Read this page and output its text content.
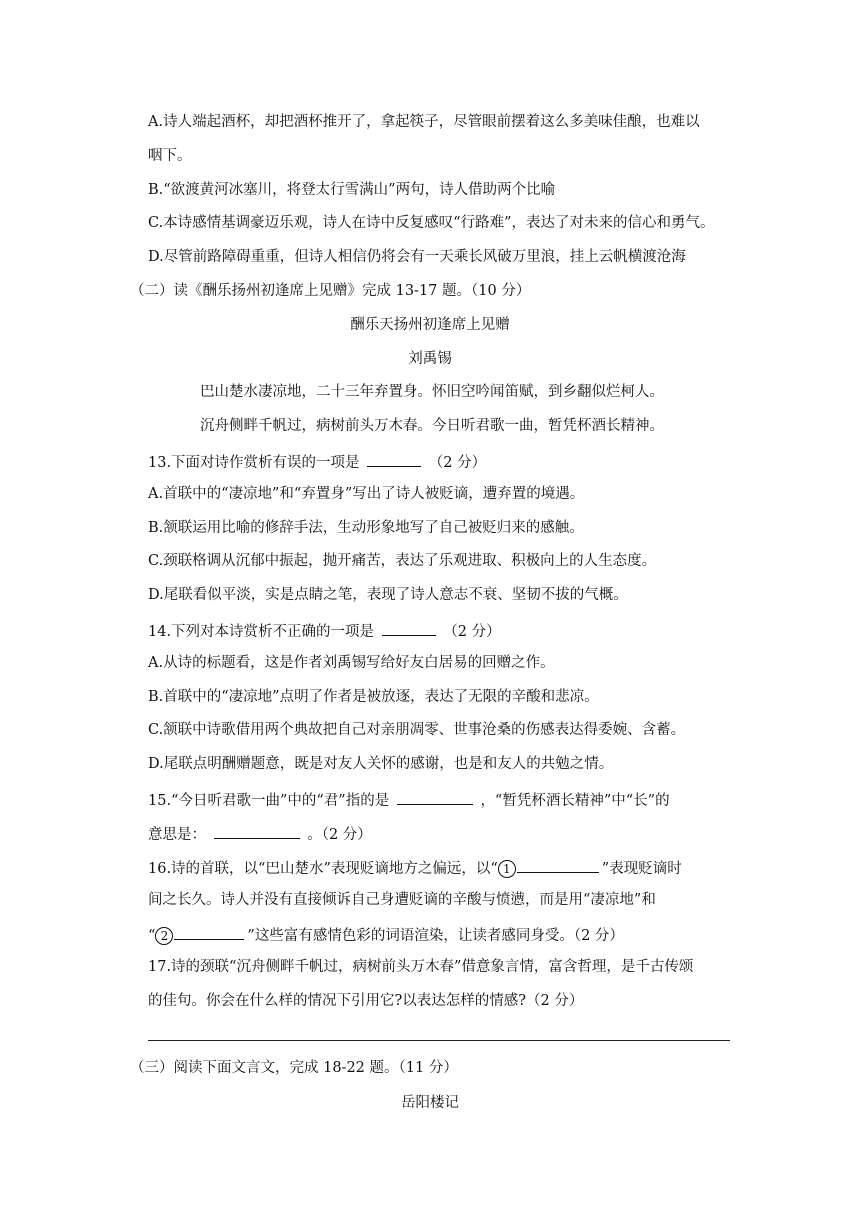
A.诗人端起酒杯，却把酒杯推开了，拿起筷子，尽管眼前摆着这么多美味佳酿，也难以
咽下。
B.“欲渡黄河冰塞川，将登太行雪满山”两句，诗人借助两个比喻
C.本诗感情基调豪迈乐观，诗人在诗中反复感叹“行路难”，表达了对未来的信心和勇气。
D.尽管前路障碍重重，但诗人相信仍将会有一天乘长风破万里浪，挂上云帆横渡沧海
（二）读《酬乐扬州初逢席上见赠》完成 13-17 题。（10 分）
酬乐天扬州初逢席上见赠
刘禹锡
巴山楚水凄凉地，二十三年弃置身。怀旧空吟闻笛赋，到乡翻似烂柯人。
沉舟侧畔千帆过，病树前头万木春。今日听君歌一曲，暂凭杯酒长精神。
13.下面对诗作赏析有误的一项是	（2 分）
A.首联中的“凄凉地”和“弃置身”写出了诗人被贬谪，遭弃置的境遇。
B.颔联运用比喻的修辞手法，生动形象地写了自己被贬归来的感触。
C.颈联格调从沉郁中振起，抛开痛苦，表达了乐观进取、积极向上的人生态度。
D.尾联看似平淡，实是点睛之笔，表现了诗人意志不衰、坚韧不拔的气概。
14.下列对本诗赏析不正确的一项是	（2 分）
A.从诗的标题看，这是作者刘禹锡写给好友白居易的回赠之作。
B.首联中的“凄凉地”点明了作者是被放逐，表达了无限的辛酸和悲凉。
C.颔联中诗歌借用两个典故把自己对亲朋凋零、世事沧桑的伤感表达得委婉、含蓄。
D.尾联点明酬赠题意，既是对友人关怀的感谢，也是和友人的共勉之情。
15.“今日听君歌一曲”中的“君”指的是	，“暂凭杯酒长精神”中“长”的
意思是：	。（2 分）
16.诗的首联，以“巴山楚水”表现贬谪地方之偏远，以“ 1	”表现贬谪时
间之长久。诗人并没有直接倾诉自己身遭贬谪的辛酸与愤懑，而是用“凄凉地”和
“ 2	”这些富有感情色彩的词语渲染，让读者感同身受。（2 分）
17.诗的颈联“沉舟侧畔千帆过，病树前头万木春”借意象言情，富含哲理，是千古传颂
的佳句。你会在什么样的情况下引用它?以表达怎样的情感?（2 分）
（三）阅读下面文言文，完成 18-22 题。（11 分）
岳阳楼记
